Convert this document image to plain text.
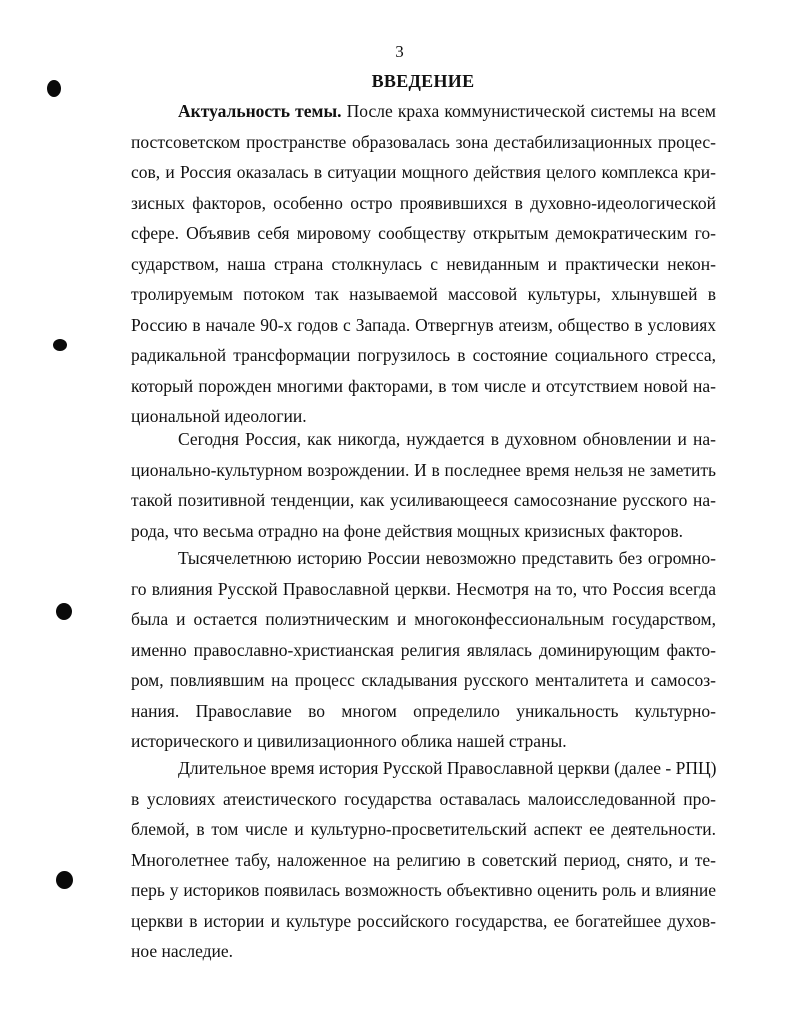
3
ВВЕДЕНИЕ
Актуальность темы. После краха коммунистической системы на всем
постсоветском пространстве образовалась зона дестабилизационных процес-
сов, и Россия оказалась в ситуации мощного действия целого комплекса кри-
зисных факторов, особенно остро проявившихся в духовно-идеологической
сфере. Объявив себя мировому сообществу открытым демократическим го-
сударством, наша страна столкнулась с невиданным и практически некон-
тролируемым потоком так называемой массовой культуры, хлынувшей в
Россию в начале 90-х годов с Запада. Отвергнув атеизм, общество в условиях
радикальной трансформации погрузилось в состояние социального стресса,
который порожден многими факторами, в том числе и отсутствием новой на-
циональной идеологии.
Сегодня Россия, как никогда, нуждается в духовном обновлении и на-
ционально-культурном возрождении. И в последнее время нельзя не заметить
такой позитивной тенденции, как усиливающееся самосознание русского на-
рода, что весьма отрадно на фоне действия мощных кризисных факторов.
Тысячелетнюю историю России невозможно представить без огромно-
го влияния Русской Православной церкви. Несмотря на то, что Россия всегда
была и остается полиэтническим и многоконфессиональным государством,
именно православно-христианская религия являлась доминирующим факто-
ром, повлиявшим на процесс складывания русского менталитета и самосоз-
нания. Православие во многом определило уникальность культурно-
исторического и цивилизационного облика нашей страны.
Длительное время история Русской Православной церкви (далее - РПЦ)
в условиях атеистического государства оставалась малоисследованной про-
блемой, в том числе и культурно-просветительский аспект ее деятельности.
Многолетнее табу, наложенное на религию в советский период, снято, и те-
перь у историков появилась возможность объективно оценить роль и влияние
церкви в истории и культуре российского государства, ее богатейшее духов-
ное наследие.
